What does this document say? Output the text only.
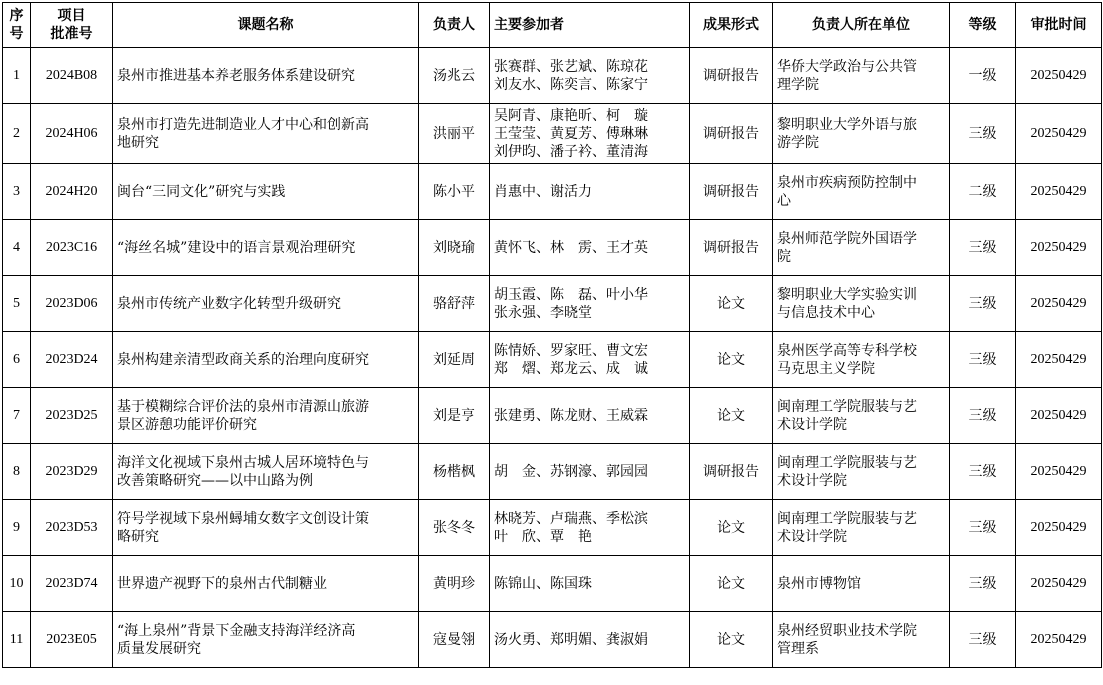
序
号	项目
批准号	课题名称	负责人	主要参加者	成果形式	负责人所在单位	等级	审批时间
1	2024B08	泉州市推进基本养老服务体系建设研究	汤兆云	张赛群、张艺斌、陈琼花
刘友水、陈奕言、陈家宁	调研报告	华侨大学政治与公共管
理学院	一级	20250429
2	2024H06	泉州市打造先进制造业人才中心和创新高
地研究	洪丽平	吴阿青、康艳昕、柯　璇
王莹莹、黄夏芳、傅琳琳
刘伊昀、潘子衿、董清海	调研报告	黎明职业大学外语与旅
游学院	三级	20250429
3	2024H20	闽台“三同文化”研究与实践	陈小平	肖惠中、谢活力	调研报告	泉州市疾病预防控制中
心	二级	20250429
4	2023C16	“海丝名城”建设中的语言景观治理研究	刘晓瑜	黄怀飞、林　雳、王才英	调研报告	泉州师范学院外国语学
院	三级	20250429
5	2023D06	泉州市传统产业数字化转型升级研究	骆舒萍	胡玉霞、陈　磊、叶小华
张永强、李晓堂	论文	黎明职业大学实验实训
与信息技术中心	三级	20250429
6	2023D24	泉州构建亲清型政商关系的治理向度研究	刘延周	陈情娇、罗家旺、曹文宏
郑　熠、郑龙云、成　诚	论文	泉州医学高等专科学校
马克思主义学院	三级	20250429
7	2023D25	基于模糊综合评价法的泉州市清源山旅游
景区游憩功能评价研究	刘是亨	张建勇、陈龙财、王威霖	论文	闽南理工学院服装与艺
术设计学院	三级	20250429
8	2023D29	海洋文化视域下泉州古城人居环境特色与
改善策略研究——以中山路为例	杨楷枫	胡　金、苏钢濠、郭园园	调研报告	闽南理工学院服装与艺
术设计学院	三级	20250429
9	2023D53	符号学视域下泉州蟳埔女数字文创设计策
略研究	张冬冬	林晓芳、卢瑞燕、季松滨
叶　欣、覃　艳	论文	闽南理工学院服装与艺
术设计学院	三级	20250429
10	2023D74	世界遗产视野下的泉州古代制糖业	黄明珍	陈锦山、陈国珠	论文	泉州市博物馆	三级	20250429
11	2023E05	“海上泉州”背景下金融支持海洋经济高
质量发展研究	寇曼翎	汤火勇、郑明媚、龚淑娟	论文	泉州经贸职业技术学院
管理系	三级	20250429
